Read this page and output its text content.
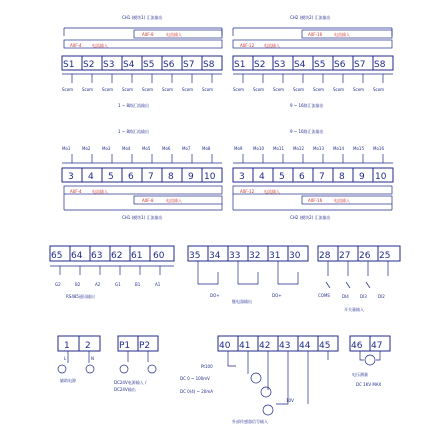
CH1 (模块1) 汇流输出
A0F-8	电流输入
A0F-4	电流输入
S1 S2 S3 S4 S5 S6 S7 S8
Scom Scom Scom Scom Scom Scom Scom Scom
1 ~ 8路汇流输出
CH2 (模块2) 汇流输出
A0F-16	电流输入
A0F-12 电流输入
S1 S2 S3 S4 S5 S6 S7 S8
Scom Scom Scom Scom Scom Scom Scom Scom
9 ~ 16路汇流输出
1 ~ 8路汇流输出
Mo1	Mo2	Mo3	Mo4	Mo5	Mo6	Mo7	Mo8
3 4 5 6 7 8 9 10
A0F-4	电流输入
A0F-8	电流输入
CH1 (模块1) 汇流输出
9 ~ 16路汇流输出
Mo9	Mo10 Mo11 Mo12 Mo13 Mo14 Mo15 Mo16
3 4 5 6 7 8 9 10
A0F-12 电流输入
A0F-16	电流输入
CH2 (模块2) 汇流输出
65 64 63 62 61 60
G2	B2	A2	G1	B1	A1
RS485通讯输出
35 34 33 32 31 30
DO+	DO+
继电器输出
28 27 26 25
COMS	DI4	DI3	DI2
开关量输入
1 2
L	N
辅助电源
P1 P2
DC24V电源输入 /
DC24V输出
40 41 42 43 44 45
Pt100
DC 0 ~ 100mV
DC 0(4) ~ 20mA
10V
外部传感器信号输入
46 47
电压测量
DC 1KV MAX
